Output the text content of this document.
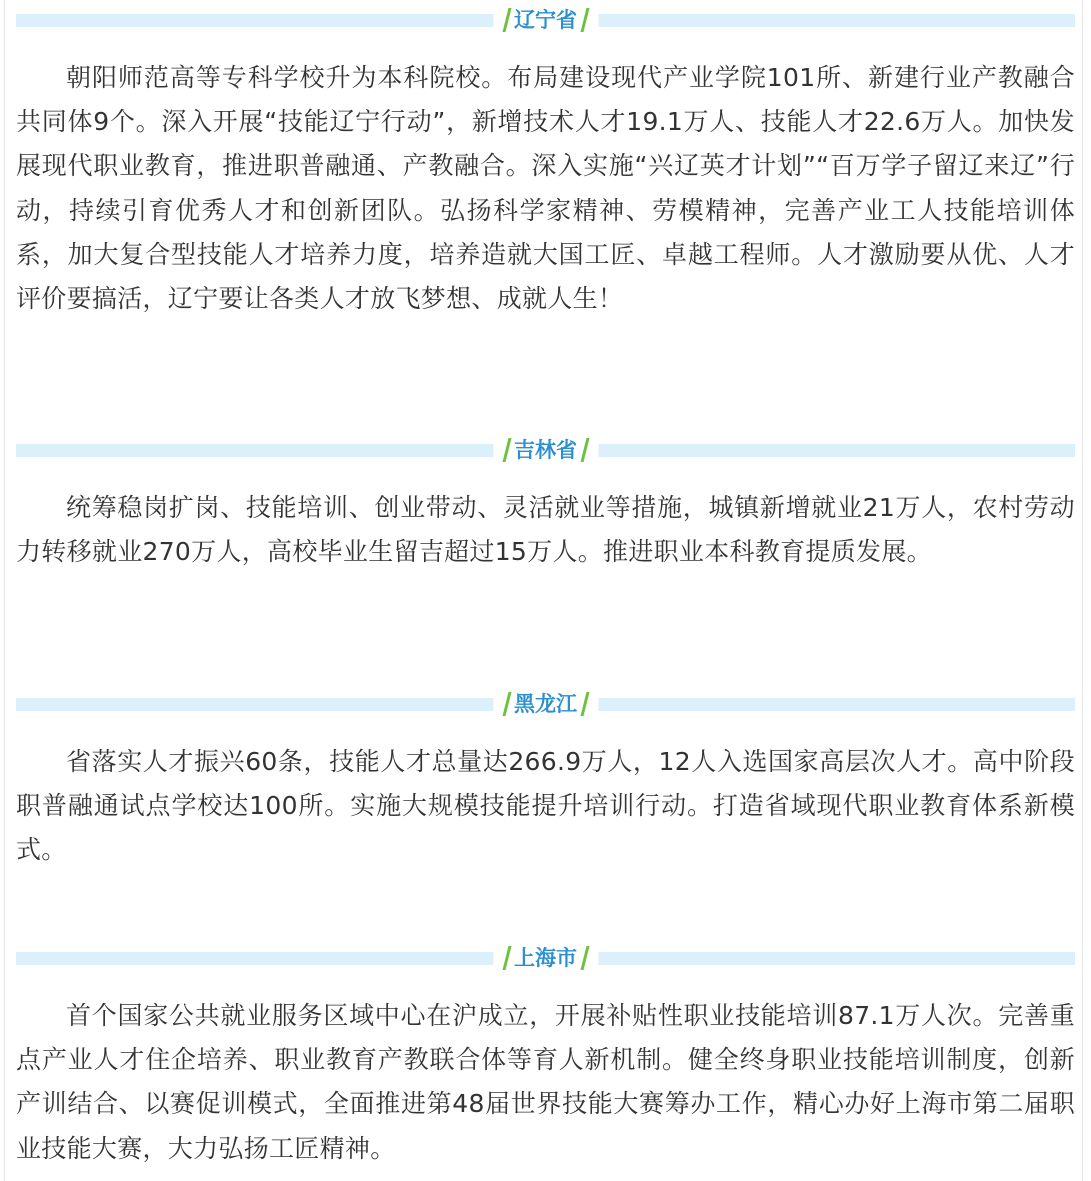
辽宁省

朝阳师范高等专科学校升为本科院校。布局建设现代产业学院101所、新建行业产教融合共同体9个。深入开展“技能辽宁行动”，新增技术人才19.1万人、技能人才22.6万人。加快发展现代职业教育，推进职普融通、产教融合。深入实施“兴辽英才计划”“百万学子留辽来辽”行动，持续引育优秀人才和创新团队。弘扬科学家精神、劳模精神，完善产业工人技能培训体系，加大复合型技能人才培养力度，培养造就大国工匠、卓越工程师。人才激励要从优、人才评价要搞活，辽宁要让各类人才放飞梦想、成就人生！

吉林省

统筹稳岗扩岗、技能培训、创业带动、灵活就业等措施，城镇新增就业21万人，农村劳动力转移就业270万人，高校毕业生留吉超过15万人。推进职业本科教育提质发展。

黑龙江

省落实人才振兴60条，技能人才总量达266.9万人，12人入选国家高层次人才。高中阶段职普融通试点学校达100所。实施大规模技能提升培训行动。打造省域现代职业教育体系新模式。

上海市

首个国家公共就业服务区域中心在沪成立，开展补贴性职业技能培训87.1万人次。完善重点产业人才住企培养、职业教育产教联合体等育人新机制。健全终身职业技能培训制度，创新产训结合、以赛促训模式，全面推进第48届世界技能大赛筹办工作，精心办好上海市第二届职业技能大赛，大力弘扬工匠精神。
